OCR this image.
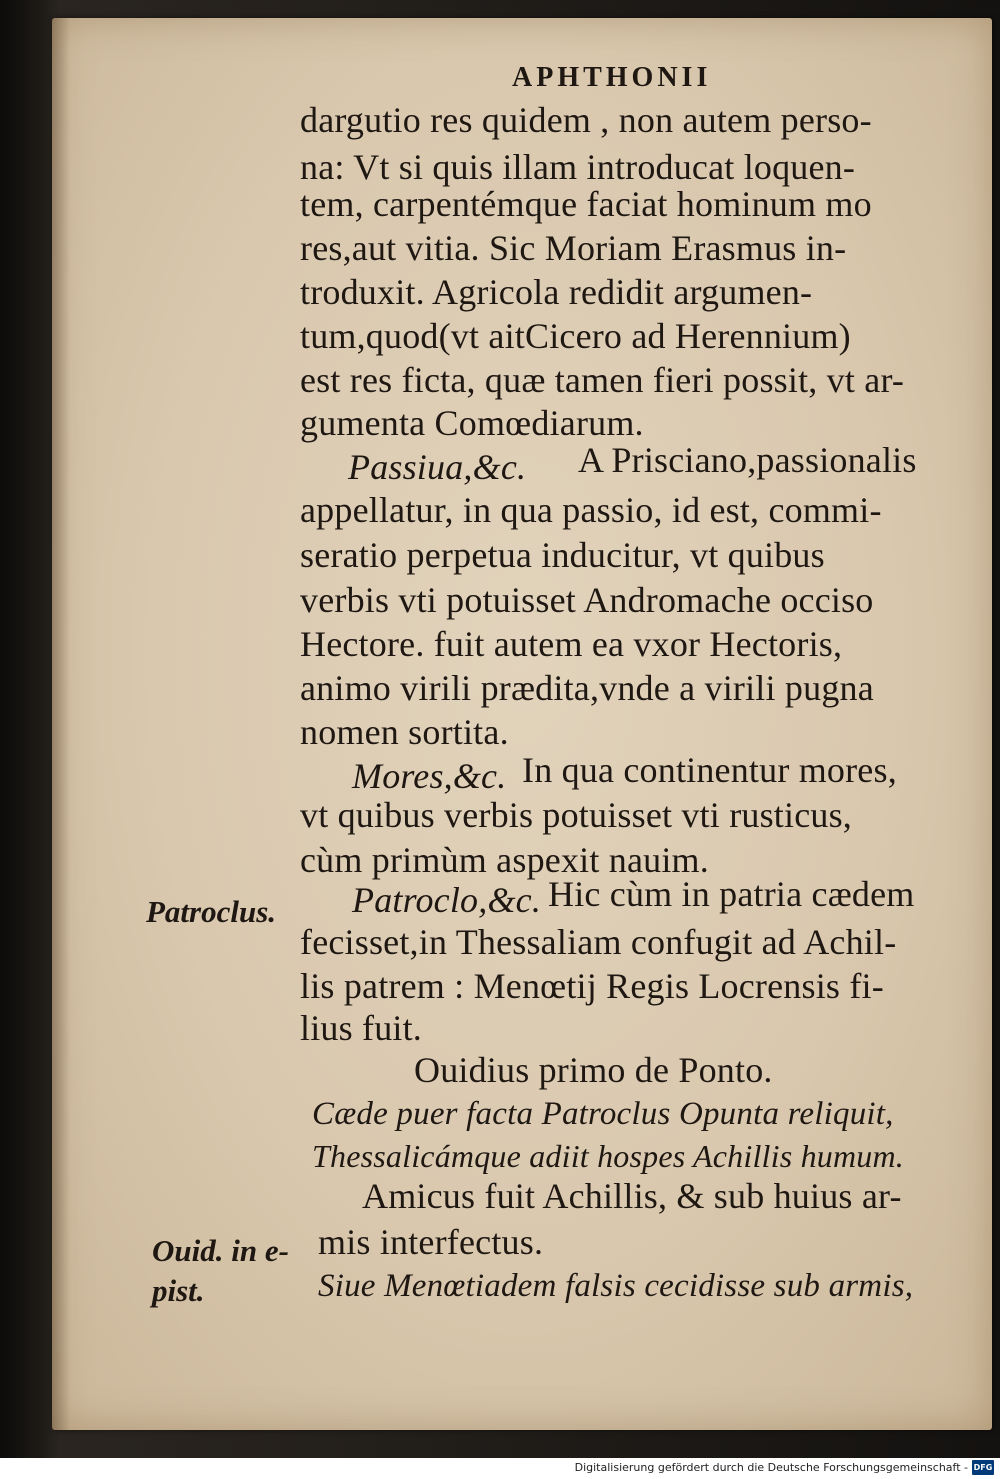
APHTHONII
dargutio res quidem , non autem perso-
na: Vt si quis illam introducat loquen-
tem, carpentémque faciat hominum mo
res,aut vitia. Sic Moriam Erasmus in-
troduxit. Agricola redidit argumen-
tum,quod(vt aitCicero ad Herennium)
est res ficta, quæ tamen fieri possit, vt ar-
gumenta Comœdiarum.
Passiua,&c. A Prisciano,passionalis
appellatur, in qua passio, id est, commi-
seratio perpetua inducitur, vt quibus
verbis vti potuisset Andromache occiso
Hectore. fuit autem ea vxor Hectoris,
animo virili prædita,vnde a virili pugna
nomen sortita.
Mores,&c. In qua continentur mores,
vt quibus verbis potuisset vti rusticus,
cùm primùm aspexit nauim.
Patroclus. Patroclo,&c. Hic cùm in patria cædem
fecisset,in Thessaliam confugit ad Achil-
lis patrem : Menœtij Regis Locrensis fi-
lius fuit.
Ouidius primo de Ponto.
Cæde puer facta Patroclus Opunta reliquit,
Thessalicámque adiit hospes Achillis humum.
Amicus fuit Achillis, & sub huius ar-
Ouid. in e-
pist.
mis interfectus.
Siue Menœtiadem falsis cecidisse sub armis,
Digitalisierung gefördert durch die Deutsche Forschungsgemeinschaft - DFG
